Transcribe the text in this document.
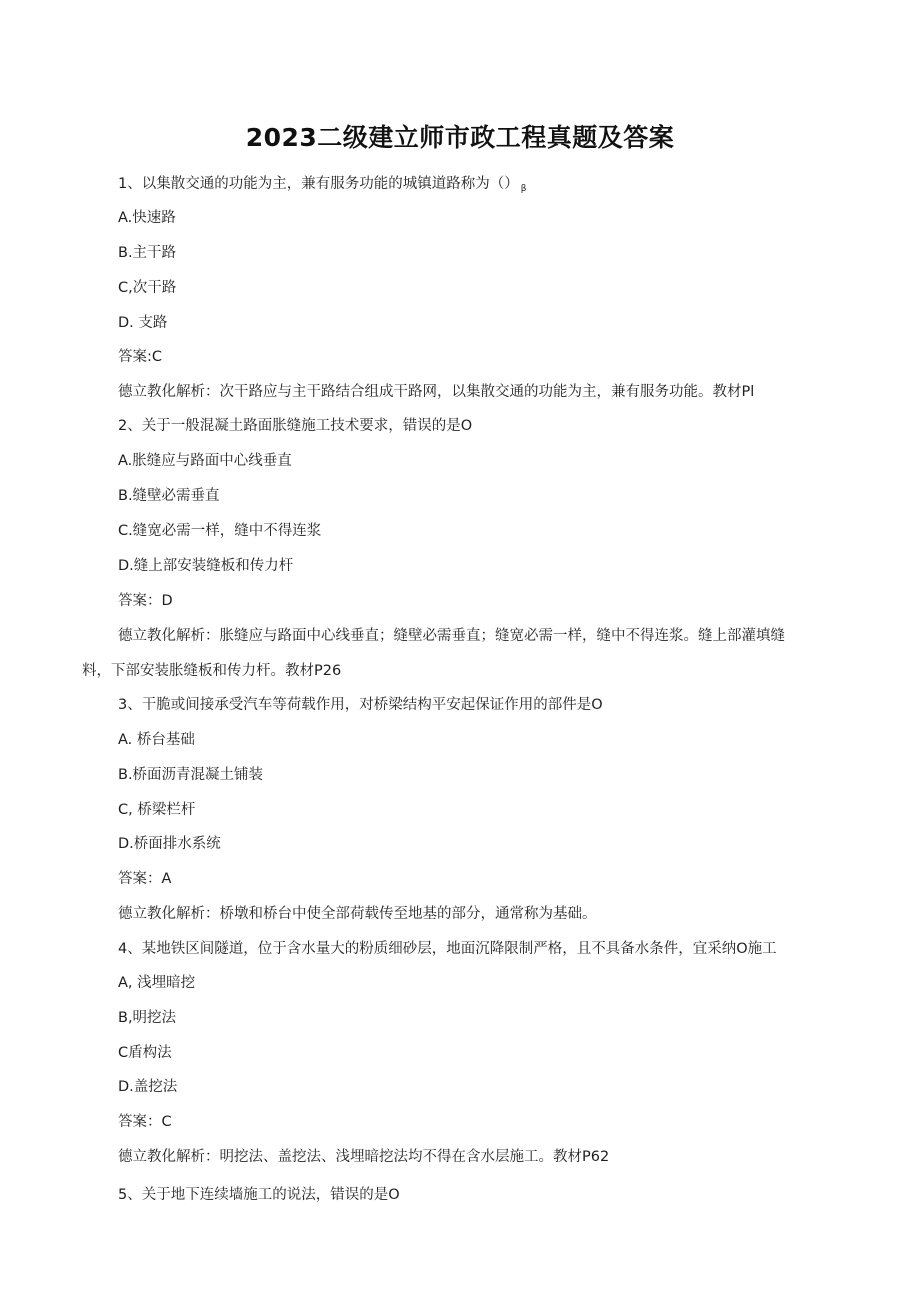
2023二级建立师市政工程真题及答案
1、以集散交通的功能为主，兼有服务功能的城镇道路称为（） $_\beta$
A.快速路
B.主干路
C,次干路
D. 支路
答案:C
德立教化解析：次干路应与主干路结合组成干路网，以集散交通的功能为主，兼有服务功能。教材Pl
2、关于一般混凝土路面胀缝施工技术要求，错误的是O
A.胀缝应与路面中心线垂直
B.缝壁必需垂直
C.缝宽必需一样，缝中不得连浆
D.缝上部安装缝板和传力杆
答案：D
德立教化解析：胀缝应与路面中心线垂直；缝壁必需垂直；缝宽必需一样，缝中不得连浆。缝上部灌填缝
料，下部安装胀缝板和传力杆。教材P26
3、干脆或间接承受汽车等荷载作用，对桥梁结构平安起保证作用的部件是O
A. 桥台基础
B.桥面沥青混凝土铺装
C, 桥梁栏杆
D.桥面排水系统
答案：A
德立教化解析：桥墩和桥台中使全部荷载传至地基的部分，通常称为基础。
4、某地铁区间隧道，位于含水量大的粉质细砂层，地面沉降限制严格，且不具备水条件，宜采纳O施工
A, 浅埋暗挖
B,明挖法
C盾构法
D.盖挖法
答案：C
德立教化解析：明挖法、盖挖法、浅埋暗挖法均不得在含水层施工。教材P62
5、关于地下连续墙施工的说法，错误的是O
